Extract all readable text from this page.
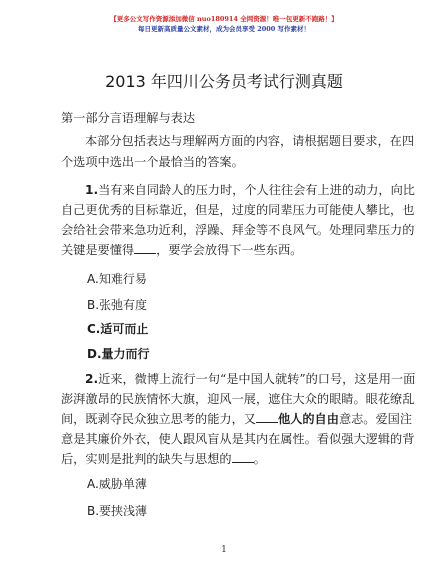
【更多公文写作资源添加微信 nuo180914 全网资源！唯一包更新不跑路！】
每日更新高质量公文素材，成为会员享受 2000 写作素材！
2013 年四川公务员考试行测真题

第一部分言语理解与表达

本部分包括表达与理解两方面的内容，请根据题目要求，在四个选项中选出一个最恰当的答案。

1.当有来自同龄人的压力时，个人往往会有上进的动力，向比自己更优秀的目标靠近，但是，过度的同辈压力可能使人攀比，也会给社会带来急功近利，浮躁、拜金等不良风气。处理同辈压力的关键是要懂得 ，要学会放得下一些东西。

A.知难行易
B.张弛有度
C.适可而止
D.量力而行

2.近来，微博上流行一句“是中国人就转”的口号，这是用一面澎湃激昂的民族情怀大旗，迎风一展，遮住大众的眼睛。眼花缭乱间，既剥夺民众独立思考的能力，又 他人的自由意志。爱国注意是其廉价外衣，使人跟风盲从是其内在属性。看似强大逻辑的背后，实则是批判的缺失与思想的 。

A.威胁单薄
B.要挟浅薄
1
